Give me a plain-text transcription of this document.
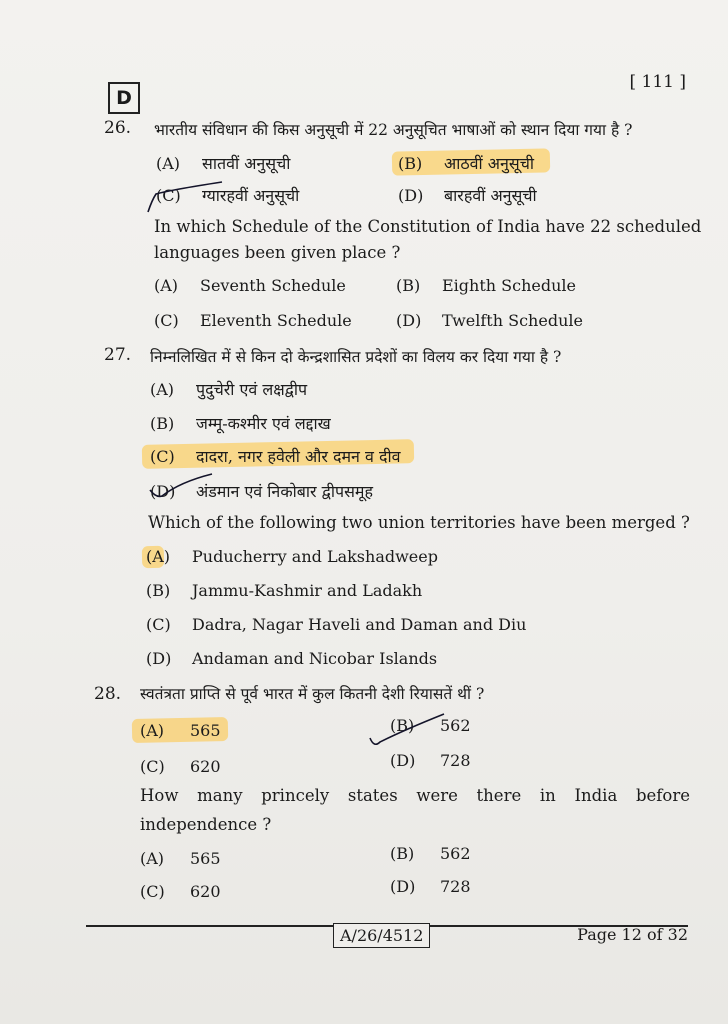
D
[ 111 ]
26. भारतीय संविधान की किस अनुसूची में 22 अनुसूचित भाषाओं को स्थान दिया गया है ?
(A) सातवीं अनुसूची	(B) आठवीं अनुसूची
(C) ग्यारहवीं अनुसूची	(D) बारहवीं अनुसूची
In which Schedule of the Constitution of India have 22 scheduled
languages been given place ?
(A) Seventh Schedule	(B) Eighth Schedule
(C) Eleventh Schedule	(D) Twelfth Schedule
27. निम्नलिखित में से किन दो केन्द्रशासित प्रदेशों का विलय कर दिया गया है ?
(A) पुदुचेरी एवं लक्षद्वीप
(B) जम्मू-कश्मीर एवं लद्दाख
(C) दादरा, नगर हवेली और दमन व दीव
(D) अंडमान एवं निकोबार द्वीपसमूह
Which of the following two union territories have been merged ?
(A) Puducherry and Lakshadweep
(B) Jammu-Kashmir and Ladakh
(C) Dadra, Nagar Haveli and Daman and Diu
(D) Andaman and Nicobar Islands
28. स्वतंत्रता प्राप्ति से पूर्व भारत में कुल कितनी देशी रियासतें थीं ?
(A) 565	(B) 562
(C) 620	(D) 728
How many princely states were there in India before
independence ?
(A) 565	(B) 562
(C) 620	(D) 728
A/26/4512	Page 12 of 32
